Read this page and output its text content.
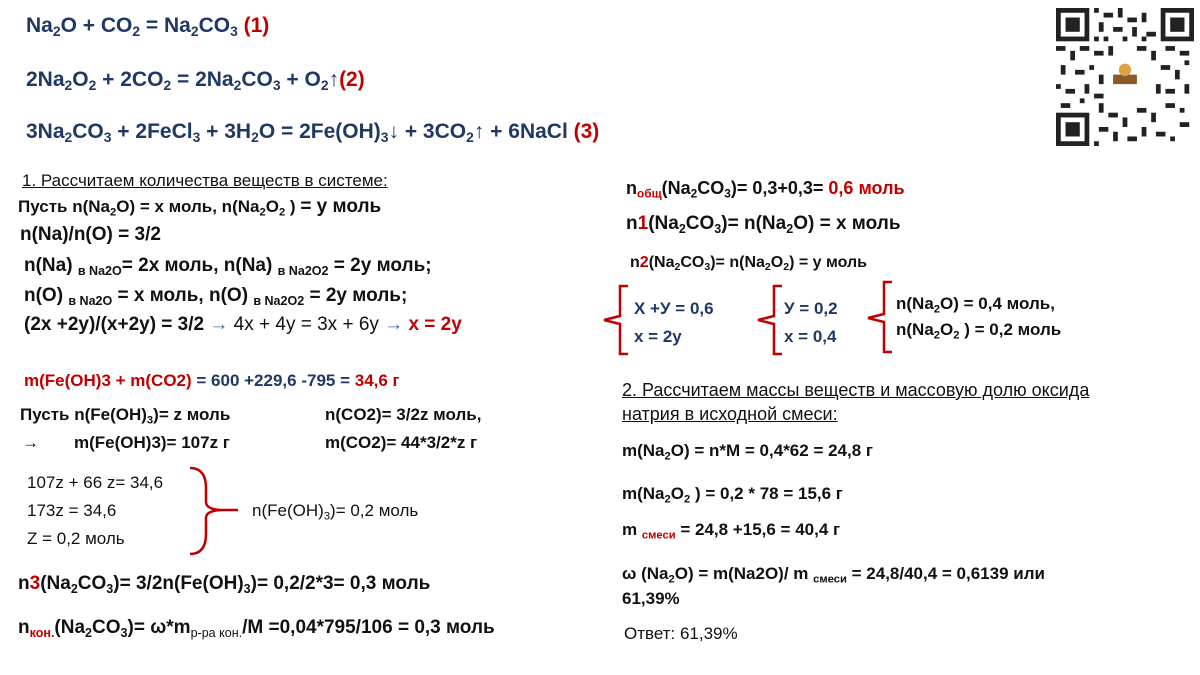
$Na_2O + CO_2 = Na_2CO_3$ (1)
$2Na_2O_2 + 2CO_2 = 2Na_2CO_3$ + $O_2↑(2)$
$3Na_2CO_3$ + 2FeCl$_3$ + $3H_2O$ = $2Fe(OH)_3↓$ + $3CO_2↑$ + 6NaCl (3)
1. Рассчитаем количества веществ в системе:
Пусть $n(Na_2O) = x$ моль, $n(Na_2O_2$ ) = y моль
n(Na)/n(O) = 3/2
n(Na) $_{в Na2O}$= 2x моль, n(Na) $_{в Na2O2}$ = 2y моль;
n(O) $_{в Na2O}$ = x моль, n(O) $_{в Na2O2}$ = 2y моль;
(2x +2y)/(x+2y) = 3/2 → 4x + 4y = 3x + 6y → x = 2y
m(Fe(OH)3 + m(CO2) = 600 +229,6 -795 = 34,6 г
Пусть $n(Fe(OH)_3)= z$ моль	n(CO2)= 3/2z моль,
→ m(Fe(OH)3)= 107z г	m(CO2)= 44*3/2*z г
107z + 66 z= 34,6
173z = 34,6
Z = 0,2 моль
$n(Fe(OH)_3)= 0,2$ моль
$n3(Na_2CO_3)= 3/2n(Fe(OH)_3)= 0,2/2*3= 0,3$ моль
$n_{кон.}(Na_2CO_3)= \omega*m_{р-ра кон.}/M =0,04*795/106 = 0,3$ моль
$n_{общ}(Na_2CO_3)= 0,3+0,3= 0,6$ моль
$n1(Na_2CO_3)= n(Na_2O) = x$ моль
$n2(Na_2CO_3)= n(Na_2O_2) = y$ моль
X +У = 0,6
x = 2y
У = 0,2
x = 0,4
$n(Na_2O) = 0,4$ моль,
$n(Na_2O_2$ ) = 0,2 моль
2. Рассчитаем массы веществ и массовую долю оксида
натрия в исходной смеси:
$m(Na_2O) = n*M = 0,4*62 = 24,8$ г
$m(Na_2O_2$ ) = 0,2 * 78 = 15,6 г
m $_{смеси}$ = 24,8 +15,6 = 40,4 г
ω $(Na_2O) = m(Na2O)/$ m $_{смеси}$ = 24,8/40,4 = 0,6139 или
61,39%
Ответ: 61,39%
